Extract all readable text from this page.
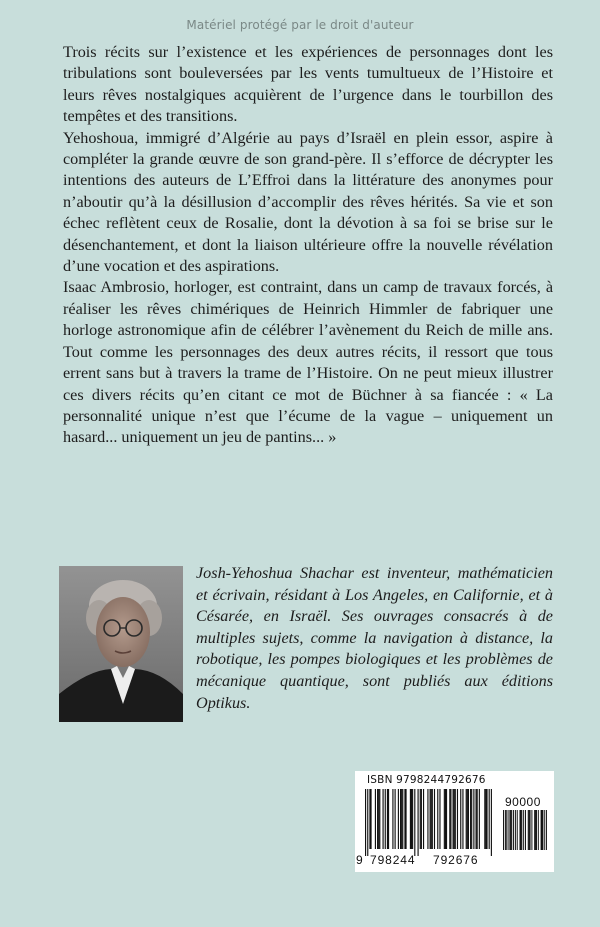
Matériel protégé par le droit d'auteur

Trois récits sur l’existence et les expériences de personnages dont les tribulations sont bouleversées par les vents tumultueux de l’Histoire et leurs rêves nostalgiques acquièrent de l’urgence dans le tourbillon des tempêtes et des transitions.

Yehoshoua, immigré d’Algérie au pays d’Israël en plein essor, aspire à compléter la grande œuvre de son grand-père. Il s’efforce de décrypter les intentions des auteurs de L’Effroi dans la littérature des anonymes pour n’aboutir qu’à la désillusion d’accomplir des rêves hérités. Sa vie et son échec reflètent ceux de Rosalie, dont la dévotion à sa foi se brise sur le désenchantement, et dont la liaison ultérieure offre la nouvelle révélation d’une vocation et des aspirations.

Isaac Ambrosio, horloger, est contraint, dans un camp de travaux forcés, à réaliser les rêves chimériques de Heinrich Himmler de fabriquer une horloge astronomique afin de célébrer l’avènement du Reich de mille ans. Tout comme les personnages des deux autres récits, il ressort que tous errent sans but à travers la trame de l’Histoire. On ne peut mieux illustrer ces divers récits qu’en citant ce mot de Büchner à sa fiancée : « La personnalité unique n’est que l’écume de la vague – uniquement un hasard... uniquement un jeu de pantins... »

Josh-Yehoshua Shachar est inventeur, mathématicien et écrivain, résidant à Los Angeles, en Californie, et à Césarée, en Israël. Ses ouvrages consacrés à de multiples sujets, comme la navigation à distance, la robotique, les pompes biologiques et les problèmes de mécanique quantique, sont publiés aux éditions Optikus.

ISBN 9798244792676
90000
9 798244 792676
